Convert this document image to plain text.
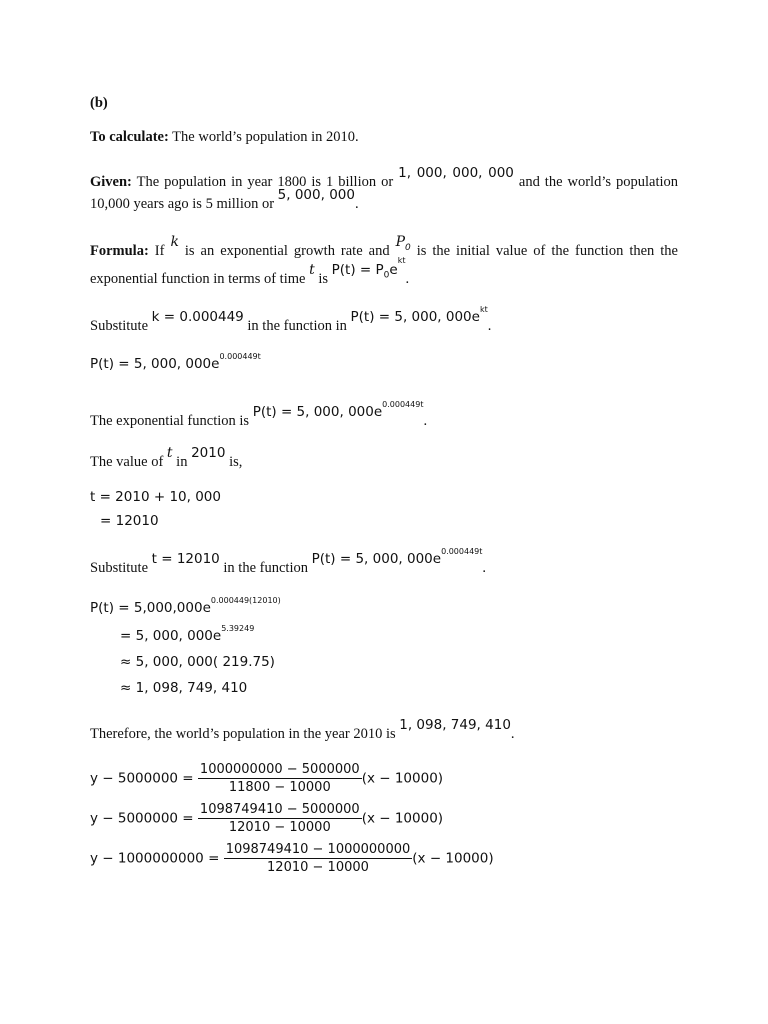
(b)
To calculate: The world’s population in 2010.
Given: The population in year 1800 is 1 billion or 1, 000, 000, 000 and the world’s population 10,000 years ago is 5 million or 5, 000, 000.
Formula: If k is an exponential growth rate and $P_0$ is the initial value of the function then the exponential function in terms of time t is $P(t) = P_0e^{kt}$.
Substitute k = 0.000449 in the function in P(t) = 5, 000, $000e^{kt}$.
P(t) = 5, 000, $000e^{0.000449t}$
The exponential function is P(t) = 5, 000, $000e^{0.000449t}$.
The value of t in 2010 is,
t = 2010 + 10, 000
= 12010
Substitute t = 12010 in the function P(t) = 5, 000, $000e^{0.000449t}$.
$P(t) = 5,000,000e^{0.000449(12010)}$
= 5, 000, $000e^{5.39249}$
≈ 5, 000, 000( 219.75)
≈ 1, 098, 749, 410
Therefore, the world’s population in the year 2010 is 1, 098, 749, 410.
$y - 5000000 = \frac{1000000000 - 5000000}{11800 - 10000} (x - 10000)$
$y - 5000000 = \frac{1098749410 - 5000000}{12010 - 10000} (x - 10000)$
$y - 1000000000 = \frac{1098749410 - 1000000000}{12010 - 10000} (x - 10000)$
